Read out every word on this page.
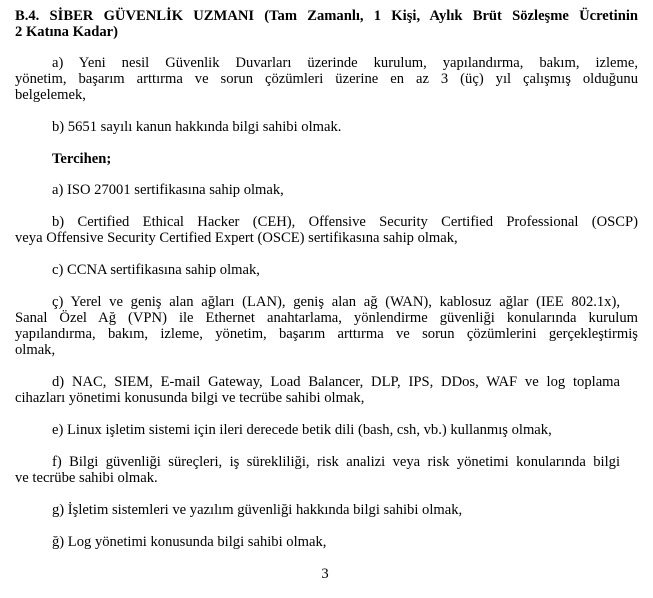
B.4. SİBER GÜVENLİK UZMANI (Tam Zamanlı, 1 Kişi, Aylık Brüt Sözleşme Ücretinin
2 Katına Kadar)
a) Yeni nesil Güvenlik Duvarları üzerinde kurulum, yapılandırma, bakım, izleme,
yönetim, başarım arttırma ve sorun çözümleri üzerine en az 3 (üç) yıl çalışmış olduğunu
belgelemek,
b) 5651 sayılı kanun hakkında bilgi sahibi olmak.
Tercihen;
a) ISO 27001 sertifikasına sahip olmak,
b) Certified Ethical Hacker (CEH), Offensive Security Certified Professional (OSCP)
veya Offensive Security Certified Expert (OSCE) sertifikasına sahip olmak,
c) CCNA sertifikasına sahip olmak,
ç) Yerel ve geniş alan ağları (LAN), geniş alan ağ (WAN), kablosuz ağlar (IEE 802.1x),
Sanal Özel Ağ (VPN) ile Ethernet anahtarlama, yönlendirme güvenliği konularında kurulum
yapılandırma, bakım, izleme, yönetim, başarım arttırma ve sorun çözümlerini gerçekleştirmiş
olmak,
d) NAC, SIEM, E-mail Gateway, Load Balancer, DLP, IPS, DDos, WAF ve log toplama
cihazları yönetimi konusunda bilgi ve tecrübe sahibi olmak,
e) Linux işletim sistemi için ileri derecede betik dili (bash, csh, vb.) kullanmış olmak,
f) Bilgi güvenliği süreçleri, iş sürekliliği, risk analizi veya risk yönetimi konularında bilgi
ve tecrübe sahibi olmak.
g) İşletim sistemleri ve yazılım güvenliği hakkında bilgi sahibi olmak,
ğ) Log yönetimi konusunda bilgi sahibi olmak,
3
